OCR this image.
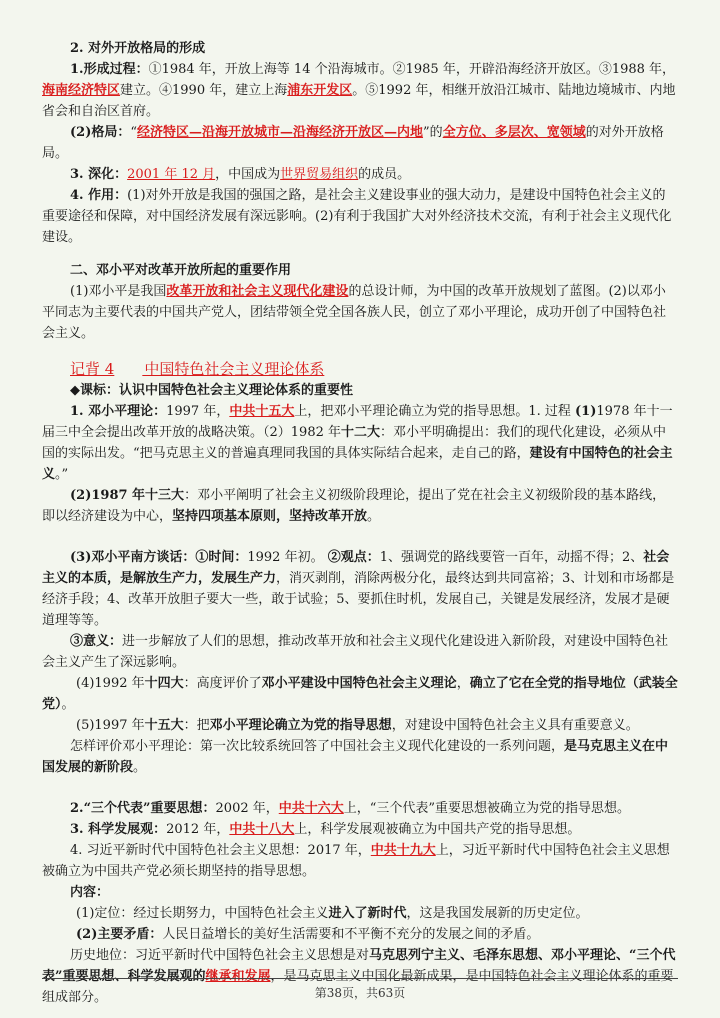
2. 对外开放格局的形成

1.形成过程：①1984 年，开放上海等 14 个沿海城市。②1985 年，开辟沿海经济开放区。③1988 年，海南经济特区建立。④1990 年，建立上海浦东开发区。⑤1992 年，相继开放沿江城市、陆地边境城市、内地省会和自治区首府。

(2)格局：“经济特区—沿海开放城市—沿海经济开放区—内地”的全方位、多层次、宽领域的对外开放格局。

3. 深化：2001 年 12 月，中国成为世界贸易组织的成员。

4. 作用：(1)对外开放是我国的强国之路，是社会主义建设事业的强大动力，是建设中国特色社会主义的重要途径和保障，对中国经济发展有深远影响。(2)有利于我国扩大对外经济技术交流，有利于社会主义现代化建设。

二、邓小平对改革开放所起的重要作用

(1)邓小平是我国改革开放和社会主义现代化建设的总设计师，为中国的改革开放规划了蓝图。(2)以邓小平同志为主要代表的中国共产党人，团结带领全党全国各族人民，创立了邓小平理论，成功开创了中国特色社会主义。

记背 4  中国特色社会主义理论体系

◆课标：认识中国特色社会主义理论体系的重要性

1. 邓小平理论：1997 年，中共十五大上，把邓小平理论确立为党的指导思想。1. 过程 (1)1978 年十一届三中全会提出改革开放的战略决策。（2）1982 年十二大：邓小平明确提出：我们的现代化建设，必须从中国的实际出发。“把马克思主义的普遍真理同我国的具体实际结合起来，走自己的路，建设有中国特色的社会主义。”

(2)1987 年十三大：邓小平阐明了社会主义初级阶段理论，提出了党在社会主义初级阶段的基本路线，即以经济建设为中心，坚持四项基本原则，坚持改革开放。

(3)邓小平南方谈话：①时间：1992 年初。 ②观点：1、强调党的路线要管一百年，动摇不得；2、社会主义的本质，是解放生产力，发展生产力，消灭剥削，消除两极分化，最终达到共同富裕；3、计划和市场都是经济手段；4、改革开放胆子要大一些，敢于试验；5、要抓住时机，发展自己，关键是发展经济，发展才是硬道理等等。

③意义：进一步解放了人们的思想，推动改革开放和社会主义现代化建设进入新阶段，对建设中国特色社会主义产生了深远影响。

(4)1992 年十四大：高度评价了邓小平建设中国特色社会主义理论，确立了它在全党的指导地位（武装全党）。

(5)1997 年十五大：把邓小平理论确立为党的指导思想，对建设中国特色社会主义具有重要意义。

怎样评价邓小平理论：第一次比较系统回答了中国社会主义现代化建设的一系列问题，是马克思主义在中国发展的新阶段。

2.“三个代表”重要思想：2002 年，中共十六大上，“三个代表”重要思想被确立为党的指导思想。

3. 科学发展观：2012 年，中共十八大上，科学发展观被确立为中国共产党的指导思想。

4. 习近平新时代中国特色社会主义思想：2017 年，中共十九大上，习近平新时代中国特色社会主义思想被确立为中国共产党必须长期坚持的指导思想。

内容：

(1)定位：经过长期努力，中国特色社会主义进入了新时代，这是我国发展新的历史定位。

(2)主要矛盾：人民日益增长的美好生活需要和不平衡不充分的发展之间的矛盾。

历史地位：习近平新时代中国特色社会主义思想是对马克思列宁主义、毛泽东思想、邓小平理论、“三个代表”重要思想、科学发展观的继承和发展，是马克思主义中国化最新成果，是中国特色社会主义理论体系的重要组成部分。	第38页，共63页
